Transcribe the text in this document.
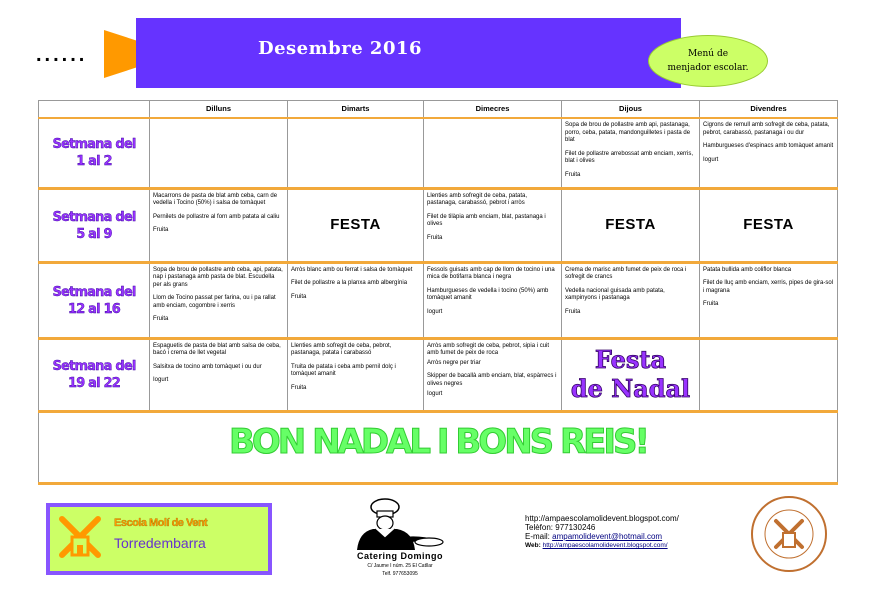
......	Desembre 2016	Menú de menjador escolar.
	Dilluns	Dimarts	Dimecres	Dijous	Divendres
Setmana del
1 al 2				Sopa de brou de pollastre amb api, pastanaga, porro, ceba, patata, mandonguilletes i pasta de blat
Filet de pollastre arrebossat amb enciam, xerris, blat i olives
Fruita	Cigrons de remull amb sofregit de ceba, patata, pebrot, carabassó, pastanaga i ou dur
Hamburgueses d'espinacs amb tomàquet amanit
Iogurt

Setmana del
5 al 9	Macarrons de pasta de blat amb ceba, carn de vedella i Tocino (50%) i salsa de tomàquet
Pernilets de pollastre al forn amb patata al caliu
Fruita	FESTA	Llenties amb sofregit de ceba, patata, pastanaga, carabassó, pebrot i arròs
Filet de tilàpia amb enciam, blat, pastanaga i olives
Fruita	FESTA	FESTA

Setmana del
12 al 16	Sopa de brou de pollastre amb ceba, api, patata, nap i pastanaga amb pasta de blat. Escudella per als grans
Llom de Tocino passat per farina, ou i pa rallat amb enciam, cogombre i xerris
Fruita	Arròs blanc amb ou ferrat i salsa de tomàquet
Filet de pollastre a la planxa amb albergínia
Fruita	Fessols guisats amb cap de llom de tocino i una mica de botifarra blanca i negra
Hamburgueses de vedella i tocino (50%) amb tomàquet amanit
Iogurt	Crema de marisc amb fumet de peix de roca i sofregit de crancs
Vedella nacional guisada amb patata, xampinyons i pastanaga
Fruita	Patata bullida amb coliflor blanca
Filet de lluç amb enciam, xerris, pipes de gira-sol i magrana
Fruita

Setmana del
19 al 22	Espaguetis de pasta de blat amb salsa de ceba, bacó i crema de llet vegetal
Salsitxa de tocino amb tomàquet i ou dur
Iogurt	Llenties amb sofregit de ceba, pebrot, pastanaga, patata i carabassó
Truita de patata i ceba amb pernil dolç i tomàquet amanit
Fruita	Arròs amb sofregit de ceba, pebrot, sipia i cuit amb fumet de peix de roca
Arròs negre per triar
Skipper de bacallà amb enciam, blat, espàrrecs i olives negres
Iogurt	Festa
de Nadal	

BON NADAL I BONS REIS!					
Escola Molí de Vent
Torredembarra
Catering Domingo
C/ Jaume I núm. 25 El Catllar
Telf. 977653095
http://ampaescolamolidevent.blogspot.com/
Telèfon: 977130246
E-mail: ampamolidevent@hotmail.com
Web: http://ampaescolamolidevent.blogspot.com/
